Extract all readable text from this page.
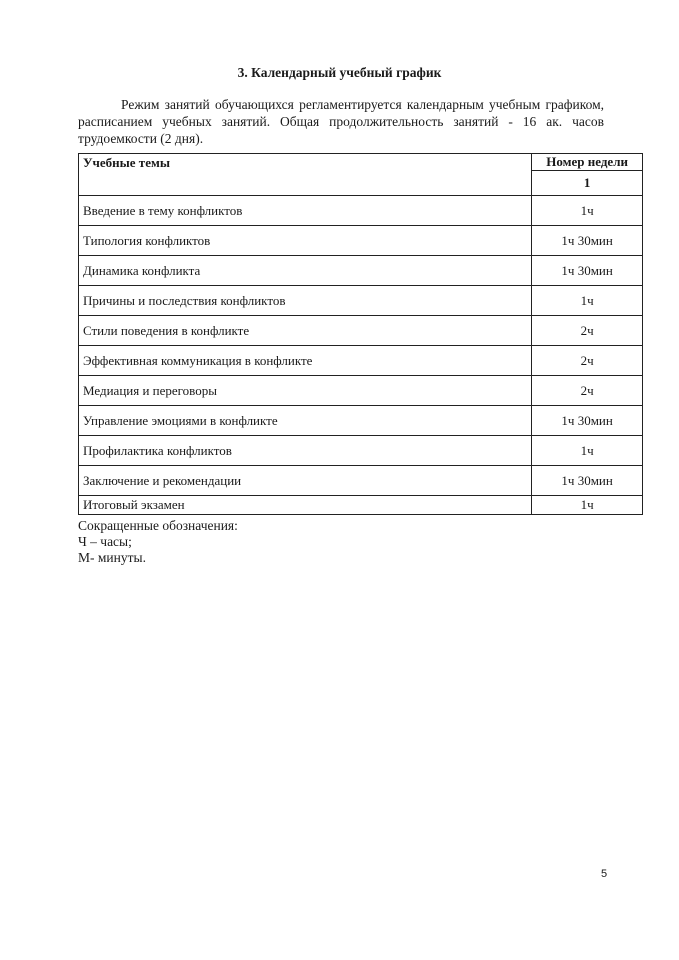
3. Календарный учебный график
Режим занятий обучающихся регламентируется календарным учебным графиком, расписанием учебных занятий. Общая продолжительность занятий - 16 ак. часов трудоемкости (2 дня).
Учебные темы	Номер недели
	1
Введение в тему конфликтов	1ч
Типология конфликтов	1ч 30мин
Динамика конфликта	1ч 30мин
Причины и последствия конфликтов	1ч
Стили поведения в конфликте	2ч
Эффективная коммуникация в конфликте	2ч
Медиация и переговоры	2ч
Управление эмоциями в конфликте	1ч 30мин
Профилактика конфликтов	1ч
Заключение и рекомендации	1ч 30мин
Итоговый экзамен	1ч
Сокращенные обозначения:
Ч – часы;
М- минуты.
5
